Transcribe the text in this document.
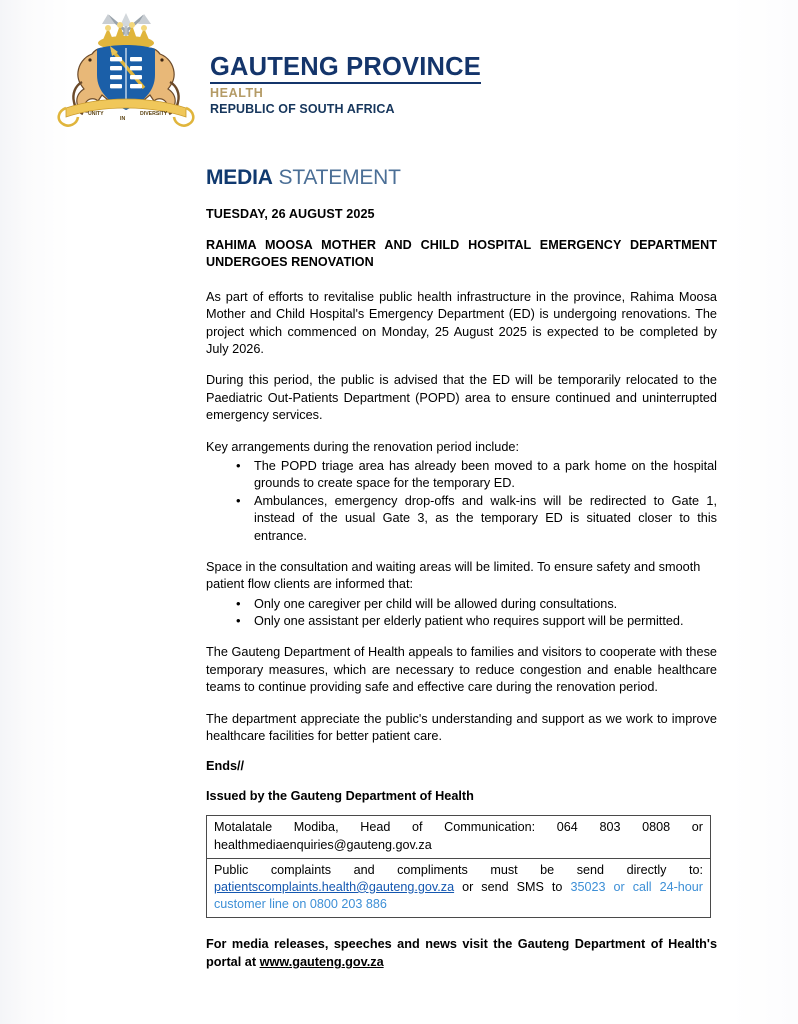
UNITY
IN
DIVERSITY
GAUTENG PROVINCE
HEALTH
REPUBLIC OF SOUTH AFRICA
MEDIA STATEMENT
TUESDAY, 26 AUGUST 2025
RAHIMA MOOSA MOTHER AND CHILD HOSPITAL EMERGENCY DEPARTMENT UNDERGOES RENOVATION

As part of efforts to revitalise public health infrastructure in the province, Rahima Moosa Mother and Child Hospital's Emergency Department (ED) is undergoing renovations. The project which commenced on Monday, 25 August 2025 is expected to be completed by July 2026.

During this period, the public is advised that the ED will be temporarily relocated to the Paediatric Out-Patients Department (POPD) area to ensure continued and uninterrupted emergency services.

Key arrangements during the renovation period include:

• The POPD triage area has already been moved to a park home on the hospital grounds to create space for the temporary ED.
• Ambulances, emergency drop-offs and walk-ins will be redirected to Gate 1, instead of the usual Gate 3, as the temporary ED is situated closer to this entrance.

Space in the consultation and waiting areas will be limited. To ensure safety and smooth patient flow clients are informed that:

• Only one caregiver per child will be allowed during consultations.
• Only one assistant per elderly patient who requires support will be permitted.

The Gauteng Department of Health appeals to families and visitors to cooperate with these temporary measures, which are necessary to reduce congestion and enable healthcare teams to continue providing safe and effective care during the renovation period.

The department appreciate the public's understanding and support as we work to improve healthcare facilities for better patient care.

Ends//
Issued by the Gauteng Department of Health
Motalatale Modiba, Head of Communication: 064 803 0808 or healthmediaenquiries@gauteng.gov.za
Public complaints and compliments must be send directly to: patientscomplaints.health@gauteng.gov.za or send SMS to 35023 or call 24-hour customer line on 0800 203 886
For media releases, speeches and news visit the Gauteng Department of Health's portal at www.gauteng.gov.za
